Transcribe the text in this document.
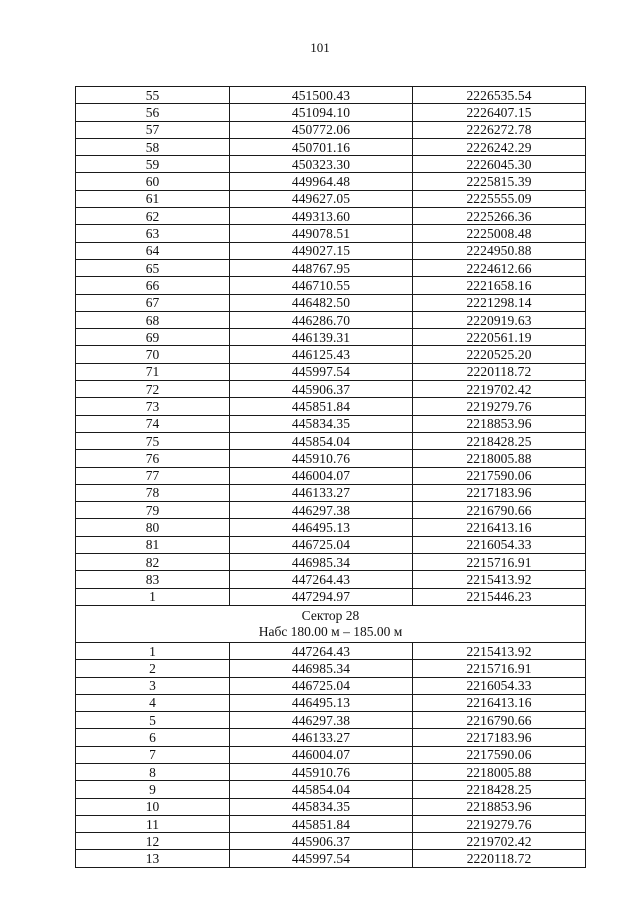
101
55	451500.43	2226535.54
56	451094.10	2226407.15
57	450772.06	2226272.78
58	450701.16	2226242.29
59	450323.30	2226045.30
60	449964.48	2225815.39
61	449627.05	2225555.09
62	449313.60	2225266.36
63	449078.51	2225008.48
64	449027.15	2224950.88
65	448767.95	2224612.66
66	446710.55	2221658.16
67	446482.50	2221298.14
68	446286.70	2220919.63
69	446139.31	2220561.19
70	446125.43	2220525.20
71	445997.54	2220118.72
72	445906.37	2219702.42
73	445851.84	2219279.76
74	445834.35	2218853.96
75	445854.04	2218428.25
76	445910.76	2218005.88
77	446004.07	2217590.06
78	446133.27	2217183.96
79	446297.38	2216790.66
80	446495.13	2216413.16
81	446725.04	2216054.33
82	446985.34	2215716.91
83	447264.43	2215413.92
1	447294.97	2215446.23

Сектор 28
Набс 180.00 м – 185.00 м		

1	447264.43	2215413.92
2	446985.34	2215716.91
3	446725.04	2216054.33
4	446495.13	2216413.16
5	446297.38	2216790.66
6	446133.27	2217183.96
7	446004.07	2217590.06
8	445910.76	2218005.88
9	445854.04	2218428.25
10	445834.35	2218853.96
11	445851.84	2219279.76
12	445906.37	2219702.42
13	445997.54	2220118.72
